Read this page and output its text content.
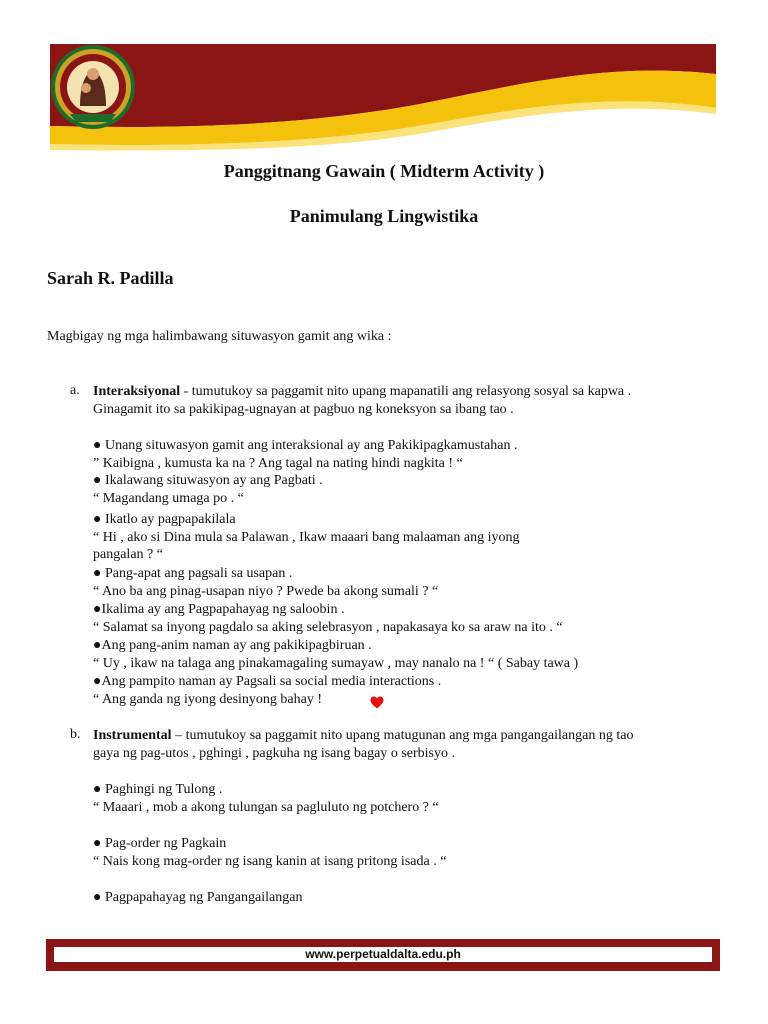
Panggitnang Gawain ( Midterm Activity )
Panimulang Lingwistika
Sarah R. Padilla
Magbigay ng mga halimbawang situwasyon gamit ang wika :
a. Interaksiyonal - tumutukoy sa paggamit nito upang mapanatili ang relasyong sosyal sa kapwa .
Ginagamit ito sa pakikipag-ugnayan at pagbuo ng koneksyon sa ibang tao .
● Unang situwasyon gamit ang interaksional ay ang Pakikipagkamustahan .
” Kaibigna , kumusta ka na ? Ang tagal na nating hindi nagkita ! “
● Ikalawang situwasyon ay ang Pagbati .
“ Magandang umaga po . “
● Ikatlo ay pagpapakilala
“ Hi , ako si Dina mula sa Palawan , Ikaw maaari bang malaaman ang iyong
pangalan ? “
● Pang-apat ang pagsali sa usapan .
“ Ano ba ang pinag-usapan niyo ? Pwede ba akong sumali ? “
●Ikalima ay ang Pagpapahayag ng saloobin .
“ Salamat sa inyong pagdalo sa aking selebrasyon , napakasaya ko sa araw na ito . “
●Ang pang-anim naman ay ang pakikipagbiruan .
“ Uy , ikaw na talaga ang pinakamagaling sumayaw , may nanalo na ! “ ( Sabay tawa )
●Ang pampito naman ay Pagsali sa social media interactions .
“ Ang ganda ng iyong desinyong bahay !
b. Instrumental – tumutukoy sa paggamit nito upang matugunan ang mga pangangailangan ng tao
gaya ng pag-utos , pghingi , pagkuha ng isang bagay o serbisyo .
● Paghingi ng Tulong .
“ Maaari , mob a akong tulungan sa pagluluto ng potchero ? “
● Pag-order ng Pagkain
“ Nais kong mag-order ng isang kanin at isang pritong isada . “
● Pagpapahayag ng Pangangailangan
www.perpetualdalta.edu.ph
